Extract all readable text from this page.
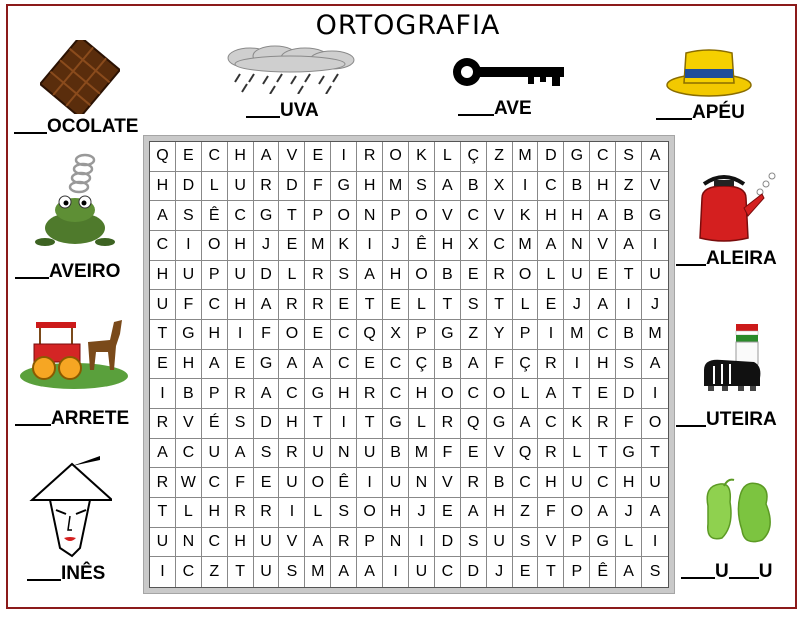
ORTOGRAFIA
OCOLATE
UVA	AVE	APÉU
AVEIRO
ALEIRA
ARRETE	UTEIRA
INÊS	U U
Q E C H A V E	I	R O K	L Ç Z M D G C S A
H D L U R D F G H M S A B X	I	C B H Z	V
A S Ê C G T P O N P O V C V K H H A B G
C	I	O H	J	E M K	I	J	Ê H X C M A N V A	I
H U P U D L R S A H O B E R O L U E T U
U F C H A R R E T E	L	T S T	L	E	J	A	I	J
T G H	I	F O E C Q X P G Z Y P	I	M C B M
E H A E G A A C E C Ç B A F Ç R	I	H S A
I	B P R A C G H R C H O C O L	A T E D	I
R V É S D H T	I	T G L R Q G A C K R F O
A C U A S R U N U B M F E V Q R L	T G T
R W C F E U O Ê	I	U N V R B C H U C H U
T	L H R R	I	L	S O H	J	E A H Z	F O A	J	A
U N C H U V A R P N	I	D S U S V P G L	I
I	C Z	T U S M A A	I	U C D	J	E T P Ê A S
